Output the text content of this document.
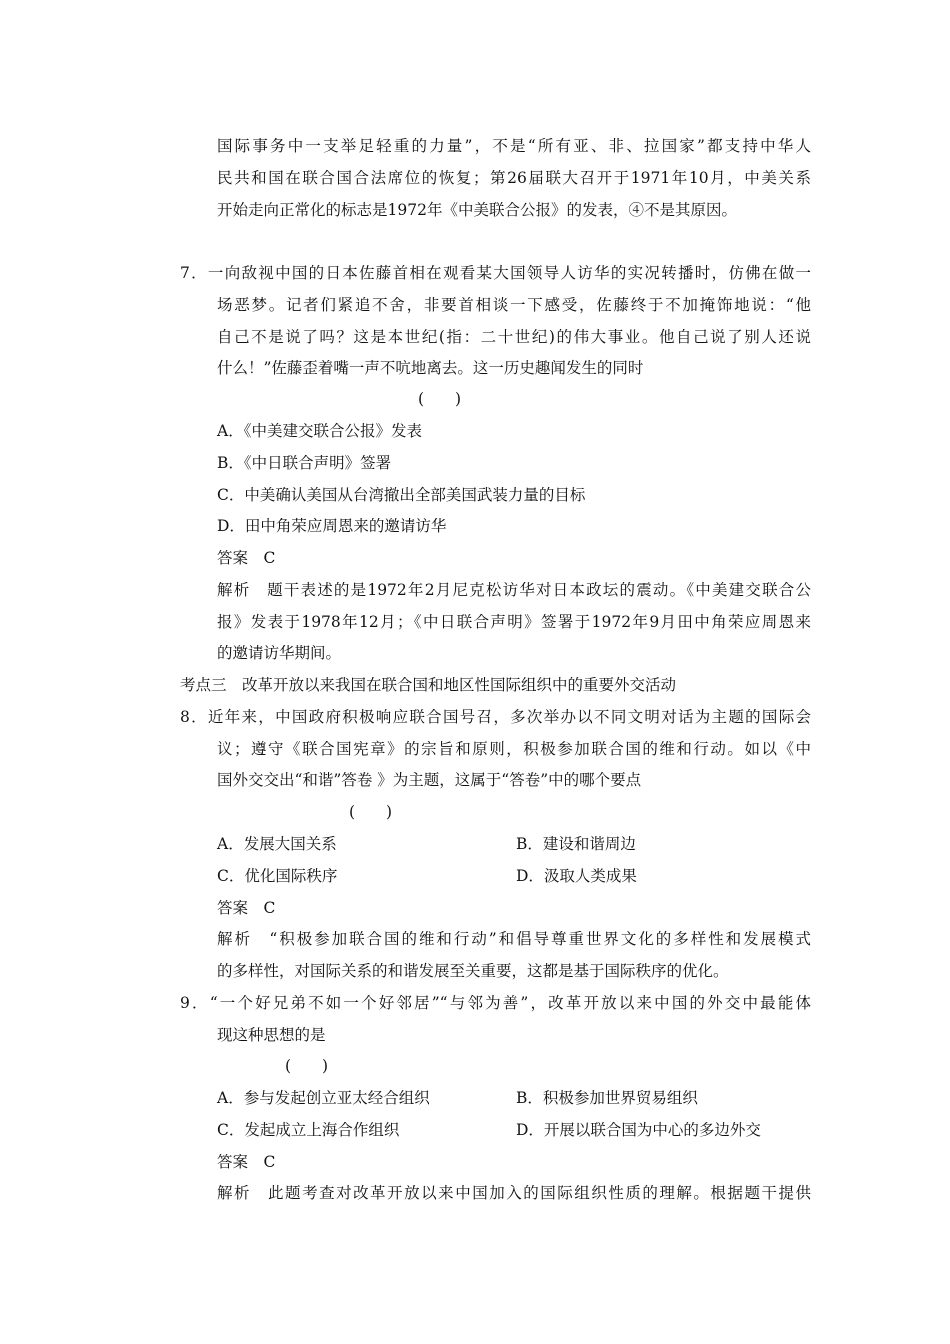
国际事务中一支举足轻重的力量”，不是“所有亚、非、拉国家”都支持中华人
民共和国在联合国合法席位的恢复；第26届联大召开于1971年10月，中美关系
开始走向正常化的标志是1972年《中美联合公报》的发表，④不是其原因。
7．一向敌视中国的日本佐藤首相在观看某大国领导人访华的实况转播时，仿佛在做一
场恶梦。记者们紧追不舍，非要首相谈一下感受，佐藤终于不加掩饰地说：“他
自己不是说了吗？这是本世纪(指：二十世纪)的伟大事业。他自己说了别人还说
什么！”佐藤歪着嘴一声不吭地离去。这一历史趣闻发生的同时
(　　)
A．《中美建交联合公报》发表
B．《中日联合声明》签署
C．中美确认美国从台湾撤出全部美国武装力量的目标
D．田中角荣应周恩来的邀请访华
答案　C
解析　题干表述的是1972年2月尼克松访华对日本政坛的震动。《中美建交联合公
报》发表于1978年12月；《中日联合声明》签署于1972年9月田中角荣应周恩来
的邀请访华期间。
考点三　改革开放以来我国在联合国和地区性国际组织中的重要外交活动
8．近年来，中国政府积极响应联合国号召，多次举办以不同文明对话为主题的国际会
议；遵守《联合国宪章》的宗旨和原则，积极参加联合国的维和行动。如以《中
国外交交出“和谐”答卷 》为主题，这属于“答卷”中的哪个要点
(　　)
A．发展大国关系	B．建设和谐周边
C．优化国际秩序	D．汲取人类成果
答案　C
解析　“积极参加联合国的维和行动”和倡导尊重世界文化的多样性和发展模式
的多样性，对国际关系的和谐发展至关重要，这都是基于国际秩序的优化。
9．“一个好兄弟不如一个好邻居”“与邻为善”，改革开放以来中国的外交中最能体
现这种思想的是
(　　)
A．参与发起创立亚太经合组织	B．积极参加世界贸易组织
C．发起成立上海合作组织	D．开展以联合国为中心的多边外交
答案　C
解析　此题考查对改革开放以来中国加入的国际组织性质的理解。根据题干提供
